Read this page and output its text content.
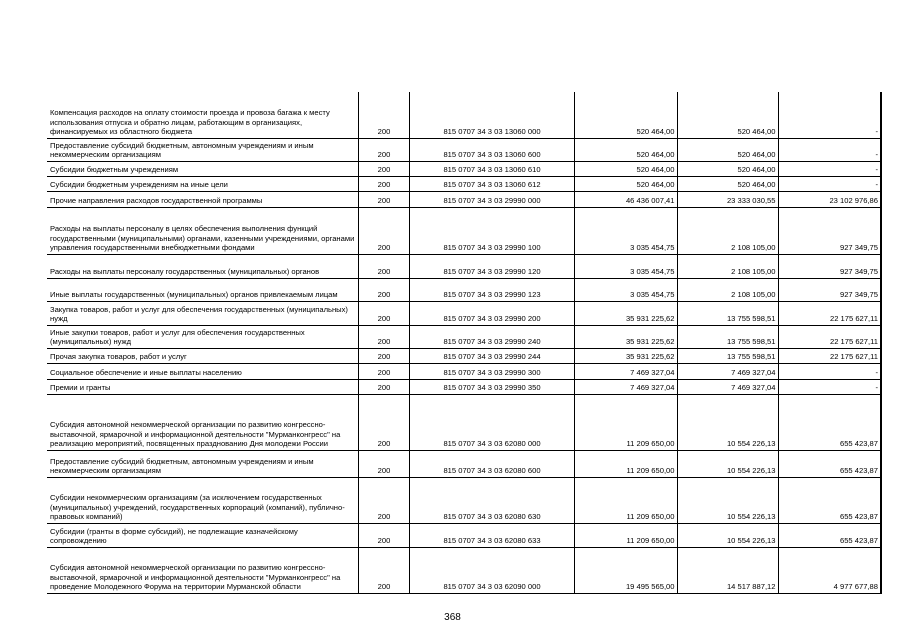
Компенсация расходов на оплату стоимости проезда и провоза багажа к месту использования отпуска и обратно лицам, работающим в организациях, финансируемых из областного бюджета	200	815 0707 34 3 03 13060 000	520 464,00	520 464,00	-
Предоставление субсидий бюджетным, автономным учреждениям и иным некоммерческим организациям	200	815 0707 34 3 03 13060 600	520 464,00	520 464,00	-
Субсидии бюджетным учреждениям	200	815 0707 34 3 03 13060 610	520 464,00	520 464,00	-
Субсидии бюджетным учреждениям на иные цели	200	815 0707 34 3 03 13060 612	520 464,00	520 464,00	-
Прочие направления расходов государственной программы	200	815 0707 34 3 03 29990 000	46 436 007,41	23 333 030,55	23 102 976,86
Расходы на выплаты персоналу в целях обеспечения выполнения функций государственными (муниципальными) органами, казенными учреждениями, органами управления государственными внебюджетными фондами	200	815 0707 34 3 03 29990 100	3 035 454,75	2 108 105,00	927 349,75
Расходы на выплаты персоналу государственных (муниципальных) органов	200	815 0707 34 3 03 29990 120	3 035 454,75	2 108 105,00	927 349,75
Иные выплаты государственных (муниципальных) органов привлекаемым лицам	200	815 0707 34 3 03 29990 123	3 035 454,75	2 108 105,00	927 349,75
Закупка товаров, работ и услуг для обеспечения государственных (муниципальных) нужд	200	815 0707 34 3 03 29990 200	35 931 225,62	13 755 598,51	22 175 627,11
Иные закупки товаров, работ и услуг для обеспечения государственных (муниципальных) нужд	200	815 0707 34 3 03 29990 240	35 931 225,62	13 755 598,51	22 175 627,11
Прочая закупка товаров, работ и услуг	200	815 0707 34 3 03 29990 244	35 931 225,62	13 755 598,51	22 175 627,11
Социальное обеспечение и иные выплаты населению	200	815 0707 34 3 03 29990 300	7 469 327,04	7 469 327,04	-
Премии и гранты	200	815 0707 34 3 03 29990 350	7 469 327,04	7 469 327,04	-
Субсидия автономной некоммерческой организации по развитию конгрессно-выставочной, ярмарочной и информационной деятельности "Мурманконгресс" на реализацию мероприятий, посвященных празднованию Дня молодежи России	200	815 0707 34 3 03 62080 000	11 209 650,00	10 554 226,13	655 423,87
Предоставление субсидий бюджетным, автономным учреждениям и иным некоммерческим организациям	200	815 0707 34 3 03 62080 600	11 209 650,00	10 554 226,13	655 423,87
Субсидии некоммерческим организациям (за исключением государственных (муниципальных) учреждений, государственных корпораций (компаний), публично-правовых компаний)	200	815 0707 34 3 03 62080 630	11 209 650,00	10 554 226,13	655 423,87
Субсидии (гранты в форме субсидий), не подлежащие казначейскому сопровождению	200	815 0707 34 3 03 62080 633	11 209 650,00	10 554 226,13	655 423,87
Субсидия автономной некоммерческой организации по развитию конгрессно-выставочной, ярмарочной и информационной деятельности "Мурманконгресс" на проведение Молодежного Форума на территории Мурманской области	200	815 0707 34 3 03 62090 000	19 495 565,00	14 517 887,12	4 977 677,88
368
